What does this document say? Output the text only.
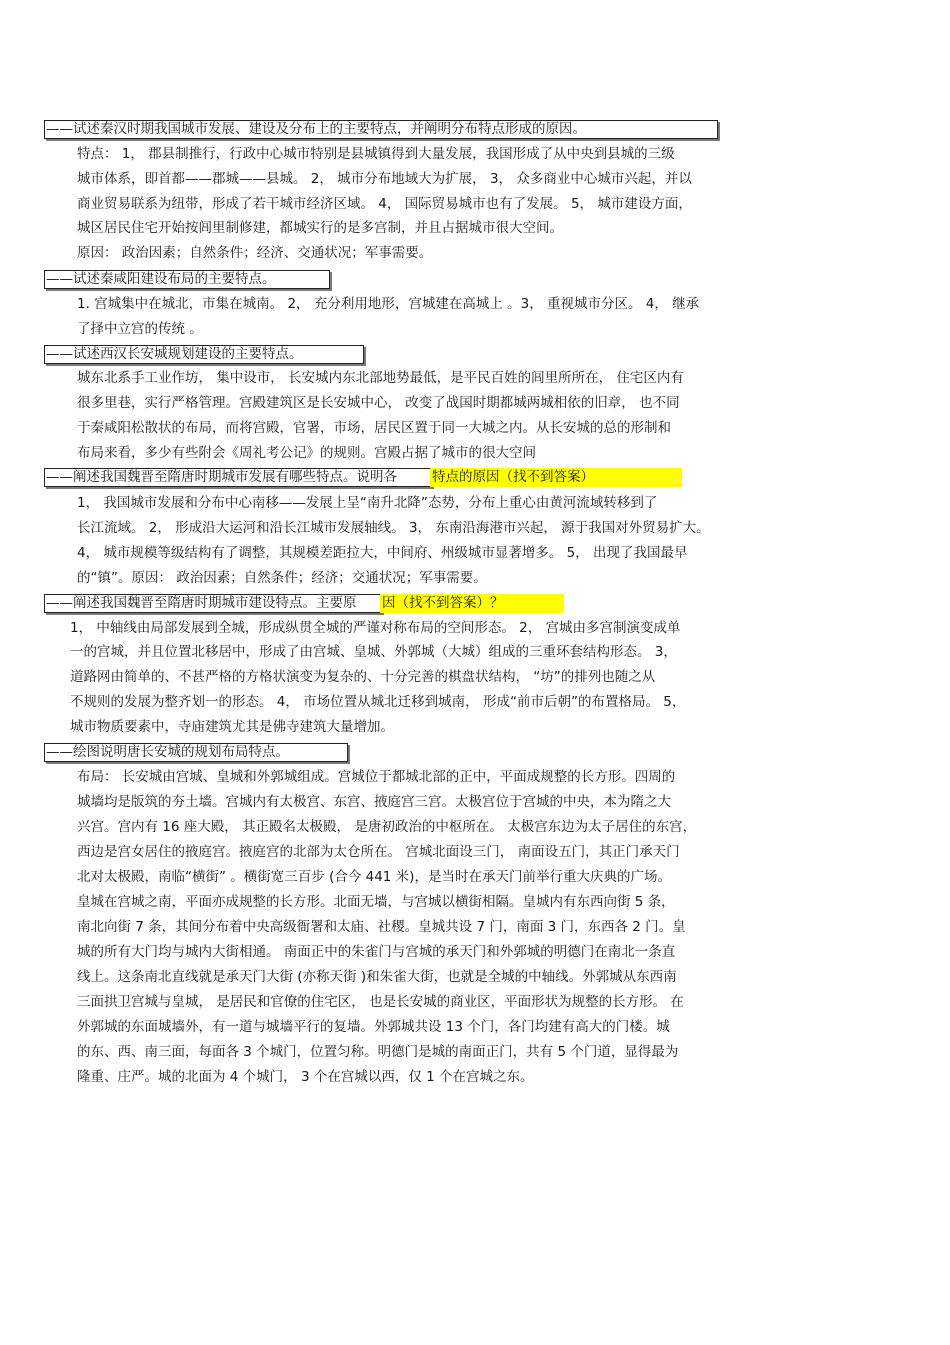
——试述秦汉时期我国城市发展、建设及分布上的主要特点，并阐明分布特点形成的原因。
——试述秦咸阳建设布局的主要特点。
——试述西汉长安城规划建设的主要特点。
——阐述我国魏晋至隋唐时期城市发展有哪些特点。说明各	特点的原因（找不到答案）
——阐述我国魏晋至隋唐时期城市建设特点。主要原 因（找不到答案）？
——绘图说明唐长安城的规划布局特点。
特点： 1， 郡县制推行，行政中心城市特别是县城镇得到大量发展，我国形成了从中央到县城的三级
城市体系，即首都——郡城——县城。 2， 城市分布地域大为扩展， 3， 众多商业中心城市兴起，并以
商业贸易联系为纽带，形成了若干城市经济区域。 4， 国际贸易城市也有了发展。 5， 城市建设方面，
城区居民住宅开始按闾里制修建，都城实行的是多宫制，并且占据城市很大空间。
原因： 政治因素；自然条件；经济、交通状况；军事需要。
1. 宫城集中在城北，市集在城南。 2， 充分利用地形，宫城建在高城上 。3， 重视城市分区。 4， 继承
了择中立宫的传统 。
城东北系手工业作坊， 集中设市， 长安城内东北部地势最低，是平民百姓的闾里所所在， 住宅区内有
很多里巷，实行严格管理。宫殿建筑区是长安城中心， 改变了战国时期都城两城相依的旧章， 也不同
于秦咸阳松散状的布局，而将宫殿，官署，市场，居民区置于同一大城之内。从长安城的总的形制和
布局来看，多少有些附会《周礼考公记》的规则。宫殿占据了城市的很大空间
1， 我国城市发展和分布中心南移——发展上呈“南升北降”态势，分布上重心由黄河流域转移到了
长江流域。 2， 形成沿大运河和沿长江城市发展轴线。 3， 东南沿海港市兴起， 源于我国对外贸易扩大。
4， 城市规模等级结构有了调整，其规模差距拉大，中间府、州级城市显著增多。 5， 出现了我国最早
的“镇”。原因： 政治因素；自然条件；经济；交通状况；军事需要。
1， 中轴线由局部发展到全城，形成纵贯全城的严谨对称布局的空间形态。 2， 宫城由多宫制演变成单
一的宫城，并且位置北移居中，形成了由宫城、皇城、外郭城（大城）组成的三重环套结构形态。 3，
道路网由简单的、不甚严格的方格状演变为复杂的、十分完善的棋盘状结构， “坊”的排列也随之从
不规则的发展为整齐划一的形态。 4， 市场位置从城北迁移到城南， 形成“前市后朝”的布置格局。 5，
城市物质要素中，寺庙建筑尤其是佛寺建筑大量增加。
布局： 长安城由宫城、皇城和外郭城组成。宫城位于都城北部的正中，平面成规整的长方形。四周的
城墙均是版筑的夯土墙。宫城内有太极宫、东宫、掖庭宫三宫。太极宫位于宫城的中央，本为隋之大
兴宫。宫内有 16 座大殿， 其正殿名太极殿， 是唐初政治的中枢所在。 太极宫东边为太子居住的东宫，
西边是宫女居住的掖庭宫。掖庭宫的北部为太仓所在。 宫城北面设三门， 南面设五门，其正门承天门
北对太极殿，南临“横街” 。横街宽三百步 (合今 441 米)，是当时在承天门前举行重大庆典的广场。
皇城在宫城之南，平面亦成规整的长方形。北面无墙，与宫城以横街相隔。皇城内有东西向街 5 条，
南北向街 7 条，其间分布着中央高级衙署和太庙、社稷。皇城共设 7 门，南面 3 门，东西各 2 门。皇
城的所有大门均与城内大街相通。 南面正中的朱雀门与宫城的承天门和外郭城的明德门在南北一条直
线上。这条南北直线就是承天门大街 (亦称天街 )和朱雀大街，也就是全城的中轴线。外郭城从东西南
三面拱卫宫城与皇城， 是居民和官僚的住宅区， 也是长安城的商业区，平面形状为规整的长方形。 在
外郭城的东面城墙外，有一道与城墙平行的复墙。外郭城共设 13 个门，各门均建有高大的门楼。城
的东、西、南三面，每面各 3 个城门，位置匀称。明德门是城的南面正门，共有 5 个门道，显得最为
隆重、庄严。城的北面为 4 个城门， 3 个在宫城以西，仅 1 个在宫城之东。
